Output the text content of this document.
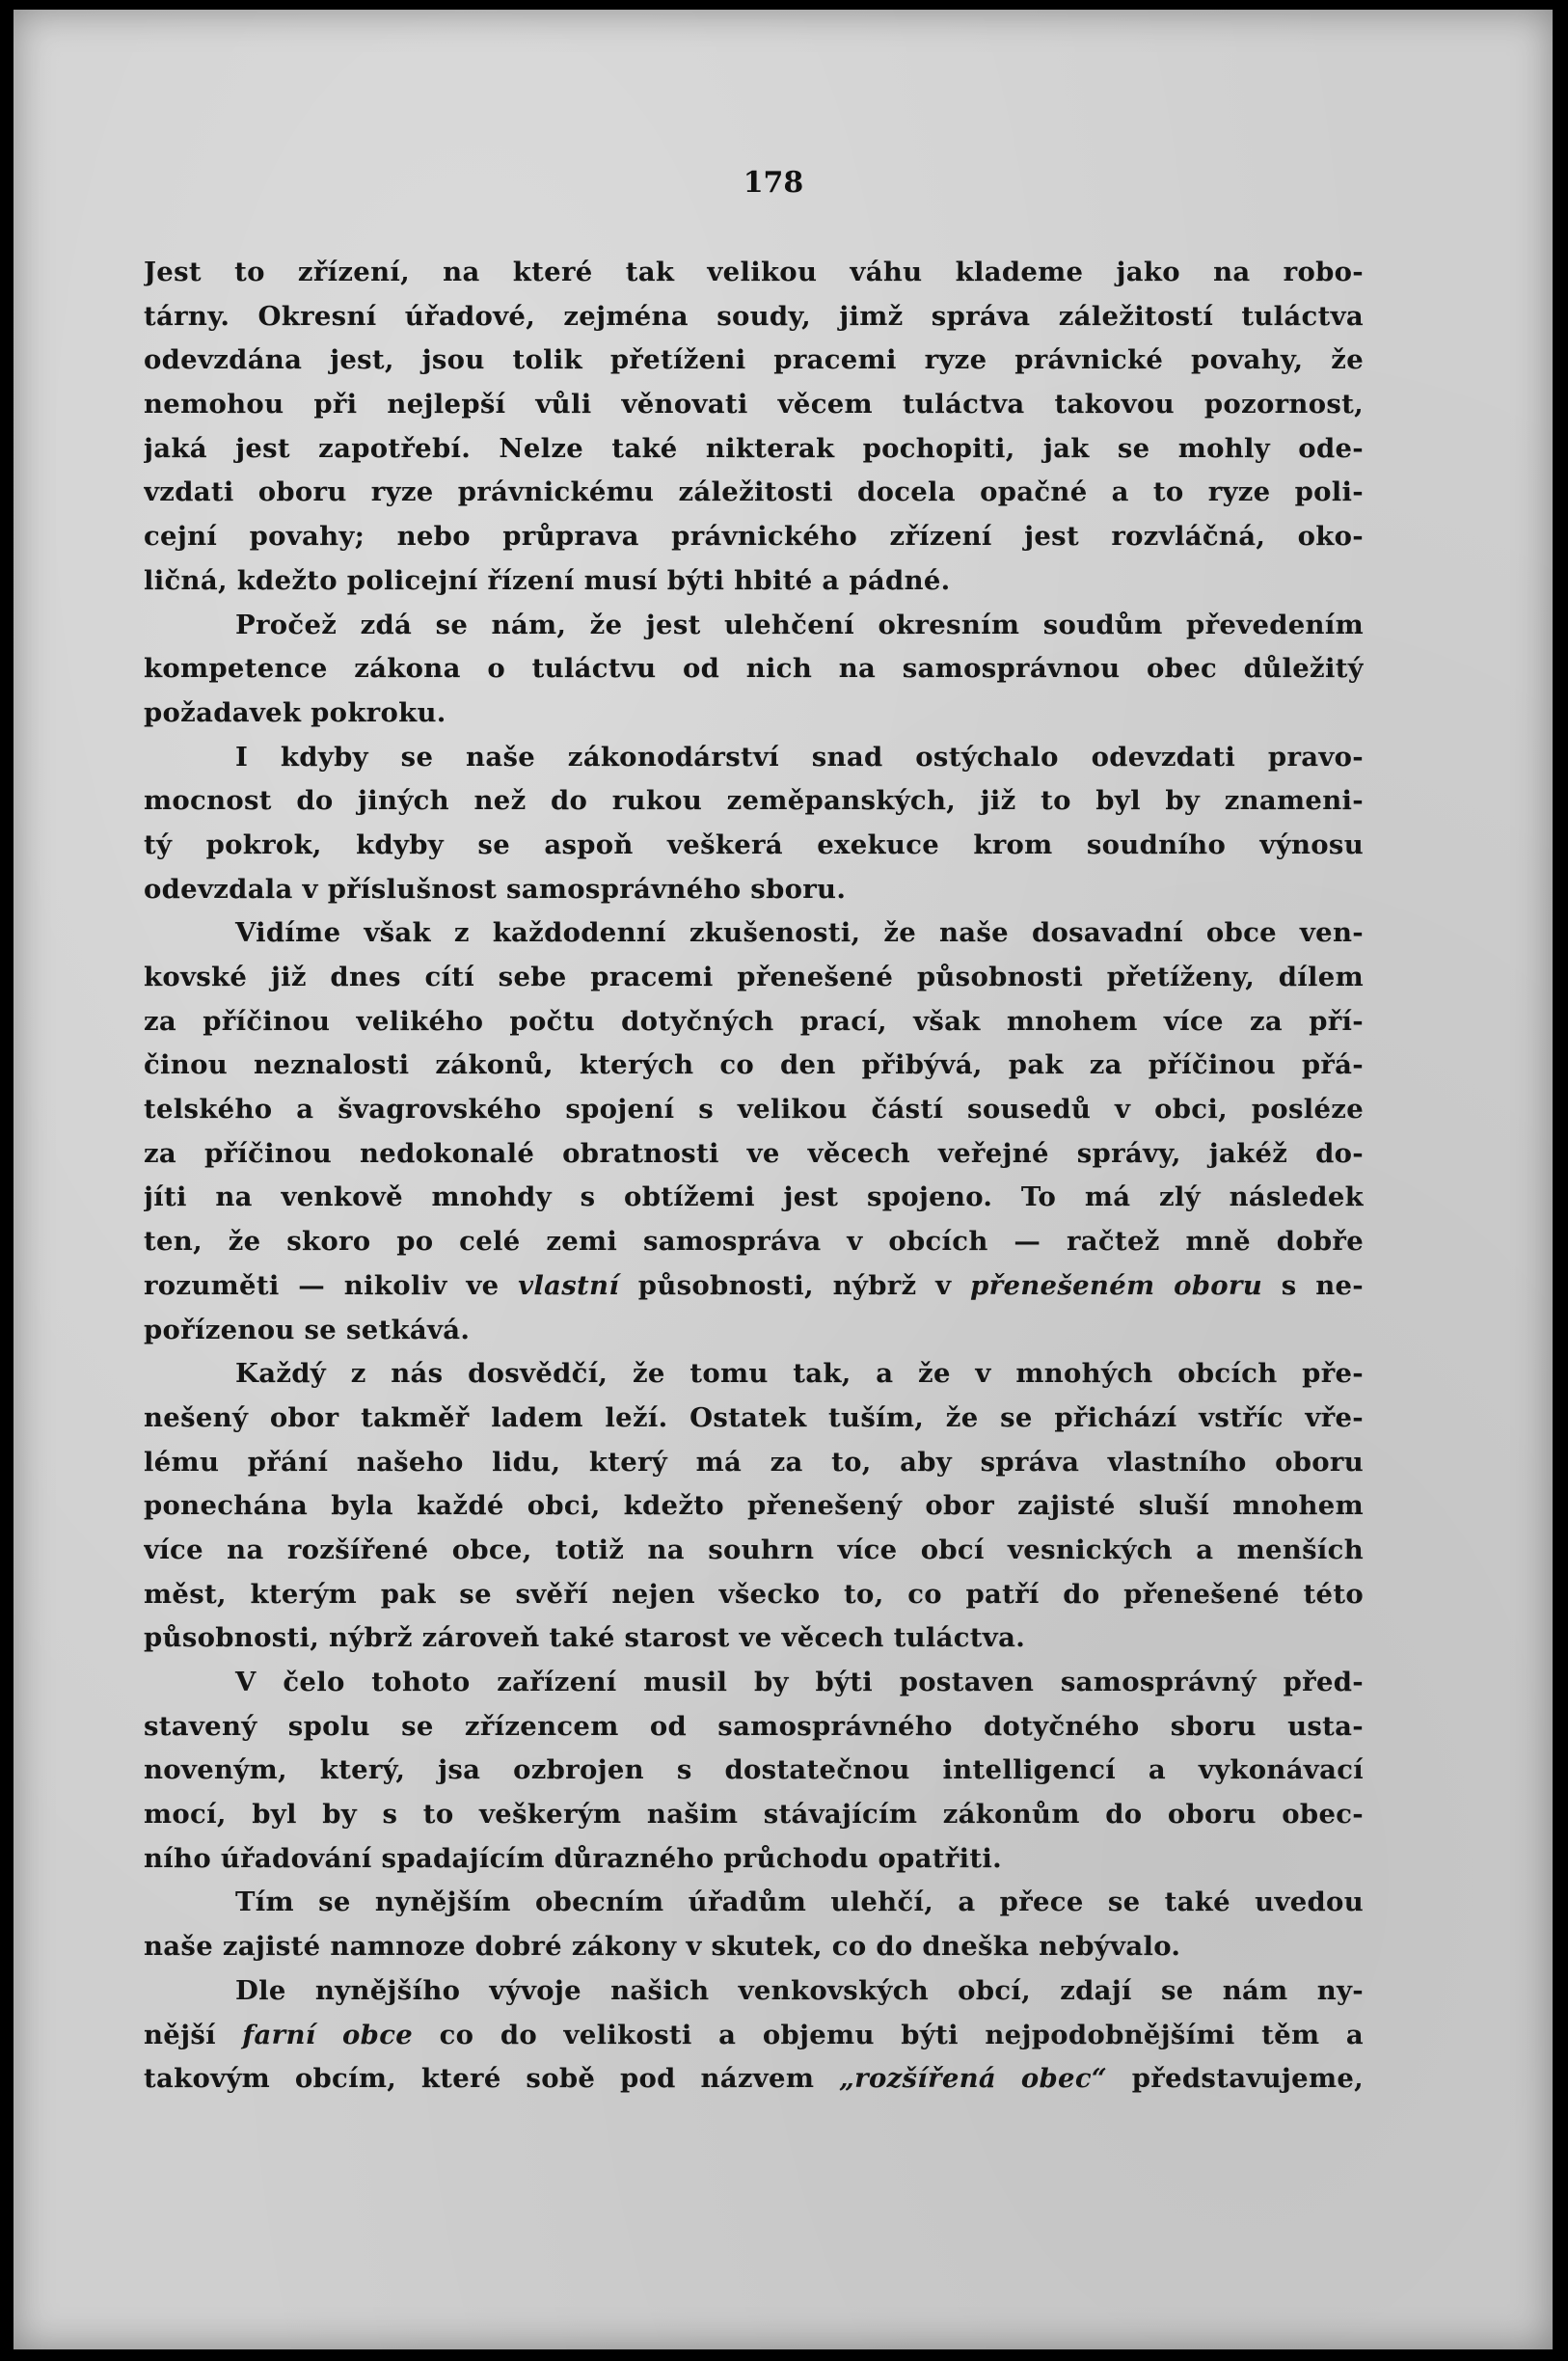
178
Jest to zřízení, na které tak velikou váhu klademe jako na robo-
tárny. Okresní úřadové, zejména soudy, jimž správa záležitostí tuláctva
odevzdána jest, jsou tolik přetíženi pracemi ryze právnické povahy, že
nemohou při nejlepší vůli věnovati věcem tuláctva takovou pozornost,
jaká jest zapotřebí. Nelze také nikterak pochopiti, jak se mohly ode-
vzdati oboru ryze právnickému záležitosti docela opačné a to ryze poli-
cejní povahy; nebo průprava právnického zřízení jest rozvláčná, oko-
ličná, kdežto policejní řízení musí býti hbité a pádné.
Pročež zdá se nám, že jest ulehčení okresním soudům převedením
kompetence zákona o tuláctvu od nich na samosprávnou obec důležitý
požadavek pokroku.
I kdyby se naše zákonodárství snad ostýchalo odevzdati pravo-
mocnost do jiných než do rukou zeměpanských, již to byl by znameni-
tý pokrok, kdyby se aspoň veškerá exekuce krom soudního výnosu
odevzdala v příslušnost samosprávného sboru.
Vidíme však z každodenní zkušenosti, že naše dosavadní obce ven-
kovské již dnes cítí sebe pracemi přenešené působnosti přetíženy, dílem
za příčinou velikého počtu dotyčných prací, však mnohem více za pří-
činou neznalosti zákonů, kterých co den přibývá, pak za příčinou přá-
telského a švagrovského spojení s velikou částí sousedů v obci, posléze
za příčinou nedokonalé obratnosti ve věcech veřejné správy, jakéž do-
jíti na venkově mnohdy s obtížemi jest spojeno. To má zlý následek
ten, že skoro po celé zemi samospráva v obcích — račtež mně dobře
rozuměti — nikoliv ve vlastní působnosti, nýbrž v přenešeném oboru s ne-
pořízenou se setkává.
Každý z nás dosvědčí, že tomu tak, a že v mnohých obcích pře-
nešený obor takměř ladem leží. Ostatek tuším, že se přichází vstříc vře-
lému přání našeho lidu, který má za to, aby správa vlastního oboru
ponechána byla každé obci, kdežto přenešený obor zajisté sluší mnohem
více na rozšířené obce, totiž na souhrn více obcí vesnických a menších
měst, kterým pak se svěří nejen všecko to, co patří do přenešené této
působnosti, nýbrž zároveň také starost ve věcech tuláctva.
V čelo tohoto zařízení musil by býti postaven samosprávný před-
stavený spolu se zřízencem od samosprávného dotyčného sboru usta-
noveným, který, jsa ozbrojen s dostatečnou intelligencí a vykonávací
mocí, byl by s to veškerým našim stávajícím zákonům do oboru obec-
ního úřadování spadajícím důrazného průchodu opatřiti.
Tím se nynějším obecním úřadům ulehčí, a přece se také uvedou
naše zajisté namnoze dobré zákony v skutek, co do dneška nebývalo.
Dle nynějšího vývoje našich venkovských obcí, zdají se nám ny-
nější farní obce co do velikosti a objemu býti nejpodobnějšími těm a
takovým obcím, které sobě pod názvem „rozšířená obec“ představujeme,
